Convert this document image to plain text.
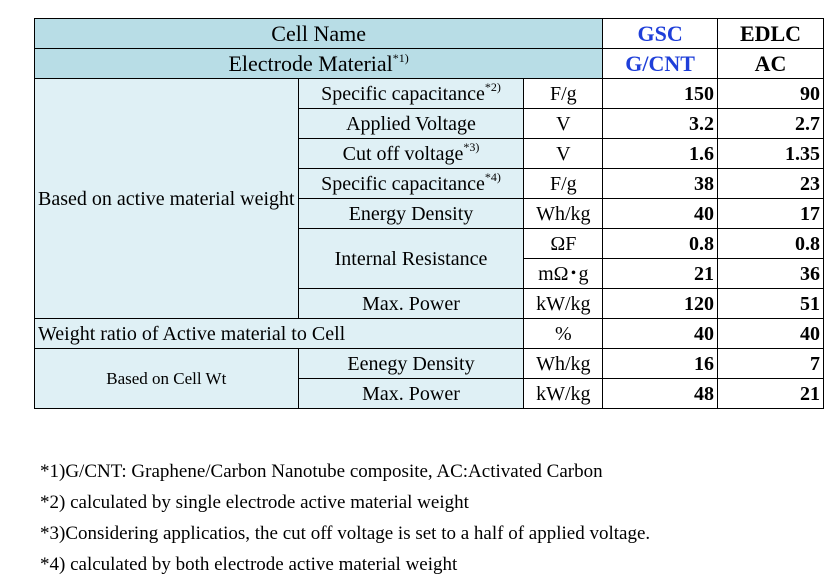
Cell Name			GSC	EDLC
Electrode Material$^{*1)}$			G/CNT	AC
Based on active material weight	Specific capacitance$^{*2)}$	F/g	150	90
	Applied Voltage	V	3.2	2.7
	Cut off voltage$^{*3)}$	V	1.6	1.35
	Specific capacitance$^{*4)}$	F/g	38	23
	Energy Density	Wh/kg	40	17
	Internal Resistance	ΩF	0.8	0.8
		mΩ･g	21	36
	Max. Power	kW/kg	120	51
Weight ratio of Active material to Cell		%	40	40
Based on Cell Wt	Eenegy Density	Wh/kg	16	7
	Max. Power	kW/kg	48	21
*1)G/CNT: Graphene/Carbon Nanotube composite, AC:Activated Carbon
*2) calculated by single electrode active material weight
*3)Considering applicatios, the cut off voltage is set to a half of applied voltage.
*4) calculated by both electrode active material weight
